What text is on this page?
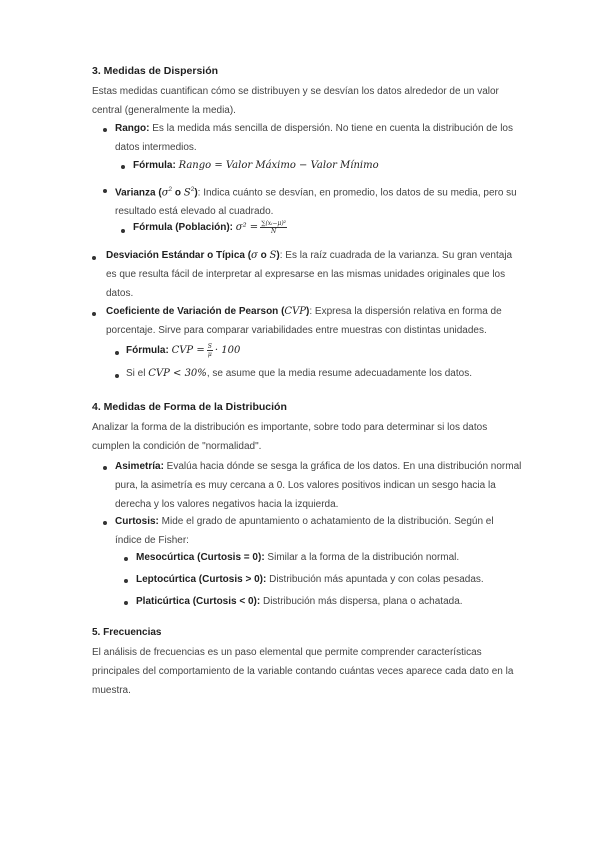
3. Medidas de Dispersión
Estas medidas cuantifican cómo se distribuyen y se desvían los datos alrededor de un valor
central (generalmente la media).
Rango: Es la medida más sencilla de dispersión. No tiene en cuenta la distribución de los
datos intermedios.
Fórmula: Rango = Valor Máximo − Valor Mínimo
Varianza ($\sigma^2$ o $S^2$): Indica cuánto se desvían, en promedio, los datos de su media, pero su
resultado está elevado al cuadrado.
Fórmula (Población): $\sigma^2 = \frac{\text{∑(xᵢ−μ)²}}{N}$
Desviación Estándar o Típica (σ o S): Es la raíz cuadrada de la varianza. Su gran ventaja
es que resulta fácil de interpretar al expresarse en las mismas unidades originales que los
datos.
Coeficiente de Variación de Pearson (CVP): Expresa la dispersión relativa en forma de
porcentaje. Sirve para comparar variabilidades entre muestras con distintas unidades.
Fórmula: CVP = $\frac{S}{\mu} \cdot 100$
Si el CVP < 30%, se asume que la media resume adecuadamente los datos.
4. Medidas de Forma de la Distribución
Analizar la forma de la distribución es importante, sobre todo para determinar si los datos
cumplen la condición de "normalidad".
Asimetría: Evalúa hacia dónde se sesga la gráfica de los datos. En una distribución normal
pura, la asimetría es muy cercana a 0. Los valores positivos indican un sesgo hacia la
derecha y los valores negativos hacia la izquierda.
Curtosis: Mide el grado de apuntamiento o achatamiento de la distribución. Según el
índice de Fisher:
Mesocúrtica (Curtosis = 0): Similar a la forma de la distribución normal.
Leptocúrtica (Curtosis > 0): Distribución más apuntada y con colas pesadas.
Platicúrtica (Curtosis < 0): Distribución más dispersa, plana o achatada.
5. Frecuencias
El análisis de frecuencias es un paso elemental que permite comprender características
principales del comportamiento de la variable contando cuántas veces aparece cada dato en la
muestra.
